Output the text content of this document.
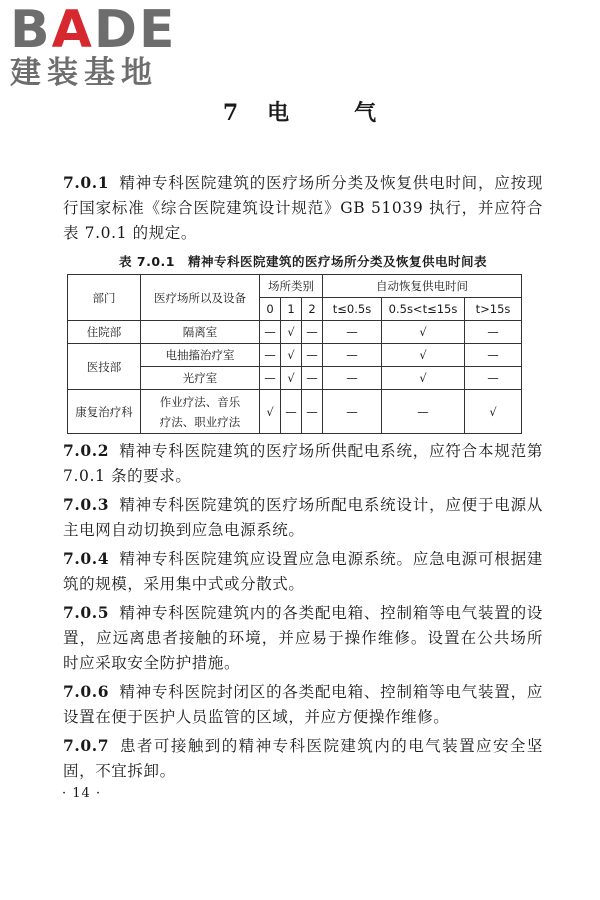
BADE
建装基地
7 电	气

7.0.1 精神专科医院建筑的医疗场所分类及恢复供电时间，应按现行国家标准《综合医院建筑设计规范》GB 51039 执行，并应符合表 7.0.1 的规定。

表 7.0.1　精神专科医院建筑的医疗场所分类及恢复供电时间表
部门	医疗场所以及设备	场所类别			自动恢复供电时间		
		0	1	2	t≤0.5s	0.5s<t≤15s	t>15s
住院部	隔离室	—	√	—	—	√	—
医技部	电抽搐治疗室	—	√	—	—	√	—
	光疗室	—	√	—	—	√	—
康复治疗科	作业疗法、音乐
疗法、职业疗法	√	—	—	—	—	√

7.0.2 精神专科医院建筑的医疗场所供配电系统，应符合本规范第 7.0.1 条的要求。

7.0.3 精神专科医院建筑的医疗场所配电系统设计，应便于电源从主电网自动切换到应急电源系统。

7.0.4 精神专科医院建筑应设置应急电源系统。应急电源可根据建筑的规模，采用集中式或分散式。

7.0.5 精神专科医院建筑内的各类配电箱、控制箱等电气装置的设置，应远离患者接触的环境，并应易于操作维修。设置在公共场所时应采取安全防护措施。

7.0.6 精神专科医院封闭区的各类配电箱、控制箱等电气装置，应设置在便于医护人员监管的区域，并应方便操作维修。

7.0.7 患者可接触到的精神专科医院建筑内的电气装置应安全坚固，不宜拆卸。

· 14 ·
